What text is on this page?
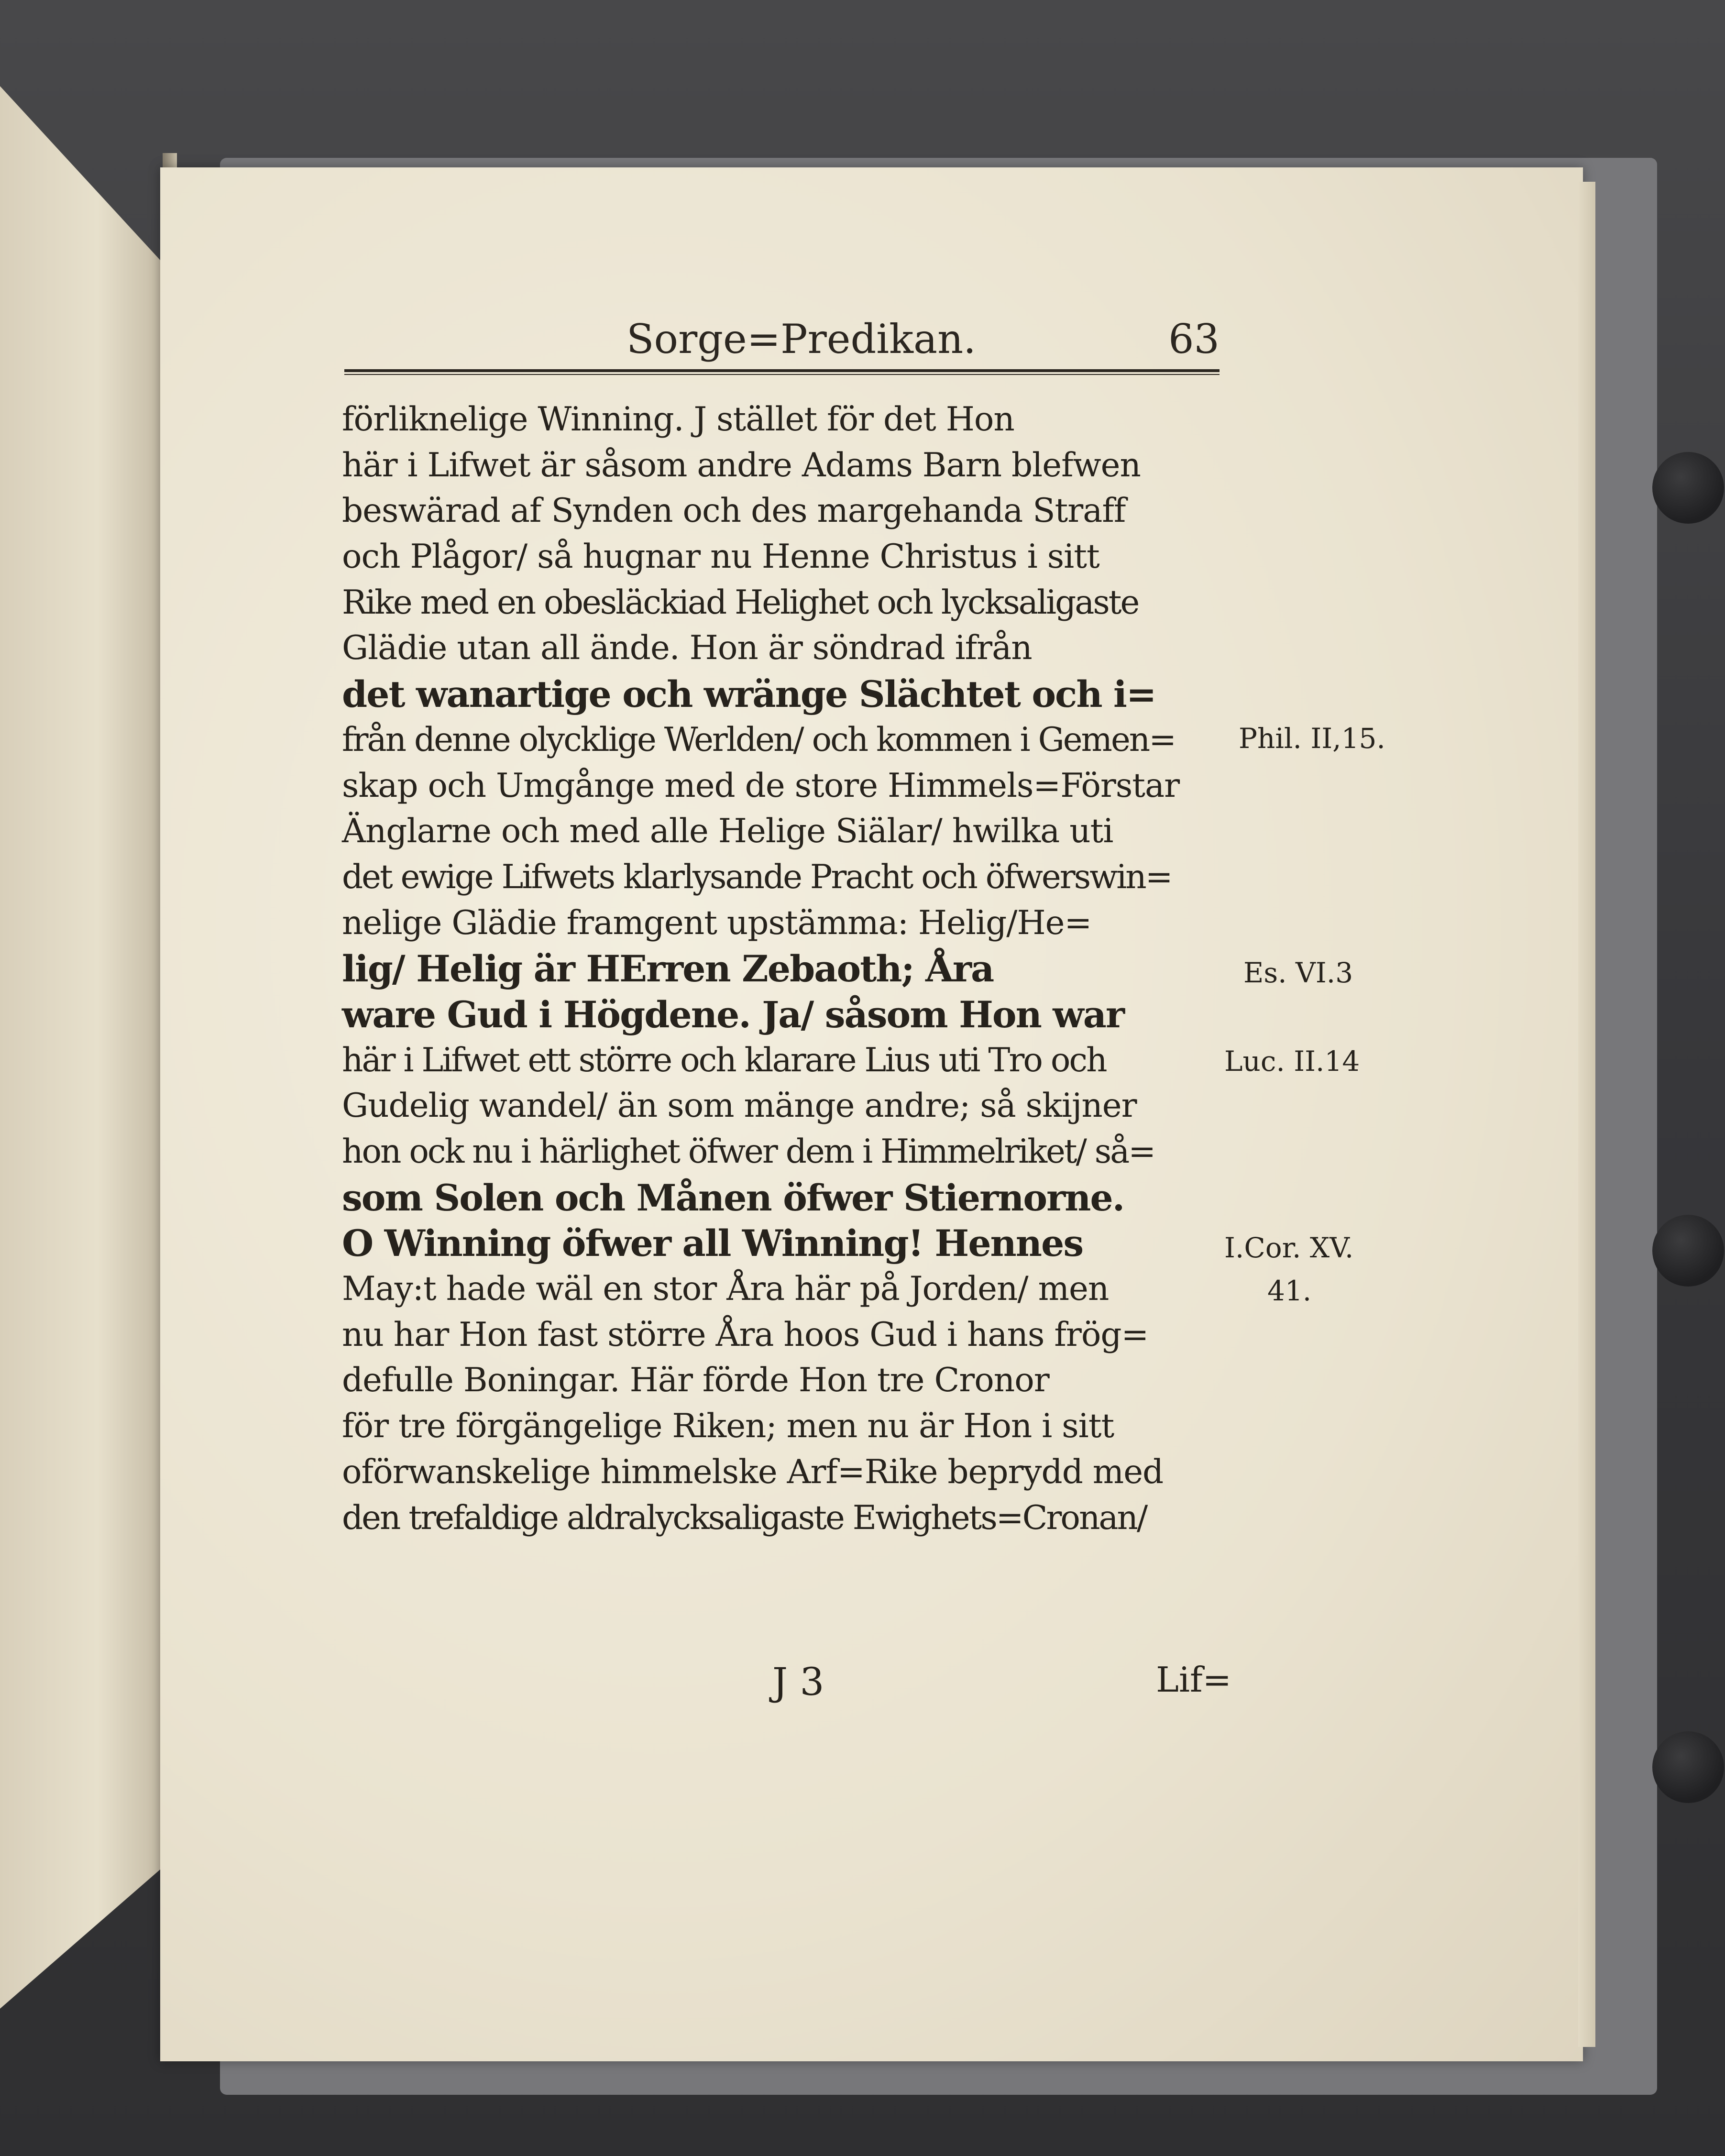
Sorge=Predikan.	63
förliknelige Winning. J stället för det Hon
här i Lifwet är såsom andre Adams Barn blefwen
beswärad af Synden och des margehanda Straff
och Plågor/ så hugnar nu Henne Christus i sitt
Rike med en obesläckiad Helighet och lycksaligaste
Glädie utan all ände. Hon är söndrad ifrån
det wanartige och wränge Slächtet och i=
från denne olycklige Werlden/ och kommen i Gemen=
skap och Umgånge med de store Himmels=Förstar
Änglarne och med alle Helige Siälar/ hwilka uti
det ewige Lifwets klarlysande Pracht och öfwerswin=
nelige Glädie framgent upstämma: Helig/He=
lig/ Helig är HErren Zebaoth; Åra
ware Gud i Högdene. Ja/ såsom Hon war
här i Lifwet ett större och klarare Lius uti Tro och
Gudelig wandel/ än som mänge andre; så skijner
hon ock nu i härlighet öfwer dem i Himmelriket/ så=
som Solen och Månen öfwer Stiernorne.
O Winning öfwer all Winning! Hennes
May:t hade wäl en stor Åra här på Jorden/ men
nu har Hon fast större Åra hoos Gud i hans frög=
defulle Boningar. Här förde Hon tre Cronor
för tre förgängelige Riken; men nu är Hon i sitt
oförwanskelige himmelske Arf=Rike beprydd med
den trefaldige aldralycksaligaste Ewighets=Cronan/
J 3	Lif=
Phil. II,15.
Es. VI.3
Luc. II.14
I.Cor. XV.
41.
